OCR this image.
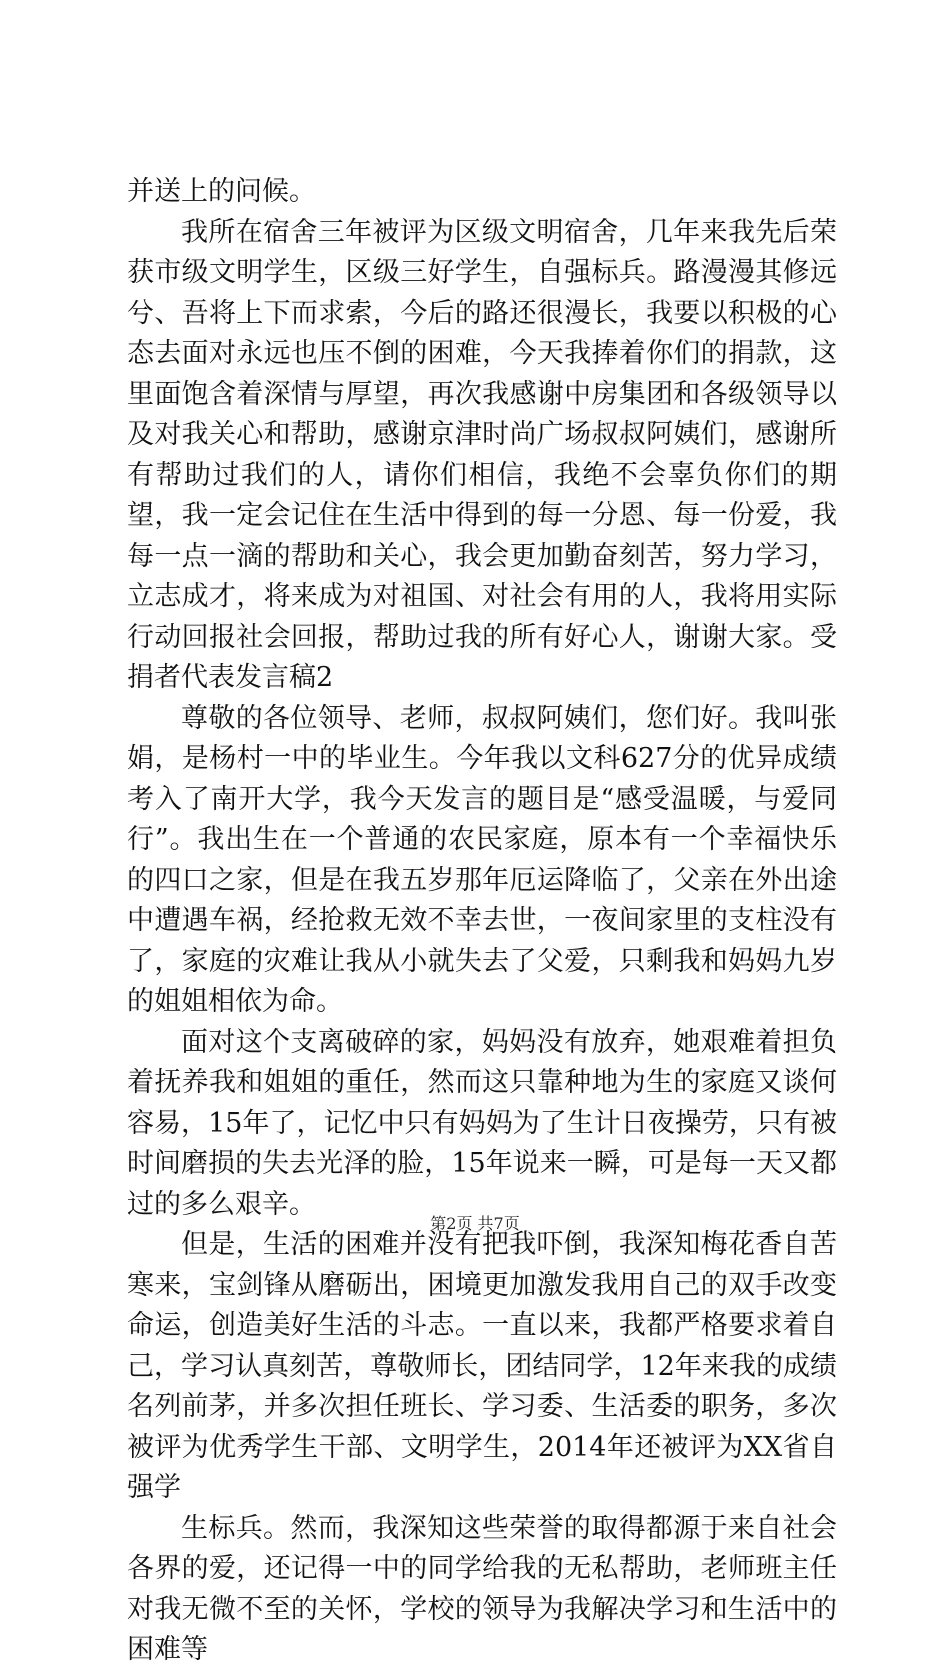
并送上的问候。

我所在宿舍三年被评为区级文明宿舍，几年来我先后荣获市级文明学生，区级三好学生，自强标兵。路漫漫其修远兮、吾将上下而求索，今后的路还很漫长，我要以积极的心态去面对永远也压不倒的困难，今天我捧着你们的捐款，这里面饱含着深情与厚望，再次我感谢中房集团和各级领导以及对我关心和帮助，感谢京津时尚广场叔叔阿姨们，感谢所有帮助过我们的人，请你们相信，我绝不会辜负你们的期望，我一定会记住在生活中得到的每一分恩、每一份爱，我每一点一滴的帮助和关心，我会更加勤奋刻苦，努力学习，立志成才，将来成为对祖国、对社会有用的人，我将用实际行动回报社会回报，帮助过我的所有好心人，谢谢大家。受捐者代表发言稿2

尊敬的各位领导、老师，叔叔阿姨们，您们好。我叫张娟，是杨村一中的毕业生。今年我以文科627分的优异成绩考入了南开大学，我今天发言的题目是“感受温暖，与爱同行”。我出生在一个普通的农民家庭，原本有一个幸福快乐的四口之家，但是在我五岁那年厄运降临了，父亲在外出途中遭遇车祸，经抢救无效不幸去世，一夜间家里的支柱没有了，家庭的灾难让我从小就失去了父爱，只剩我和妈妈九岁的姐姐相依为命。

面对这个支离破碎的家，妈妈没有放弃，她艰难着担负着抚养我和姐姐的重任，然而这只靠种地为生的家庭又谈何容易，15年了，记忆中只有妈妈为了生计日夜操劳，只有被时间磨损的失去光泽的脸，15年说来一瞬，可是每一天又都过的多么艰辛。

但是，生活的困难并没有把我吓倒，我深知梅花香自苦寒来，宝剑锋从磨砺出，困境更加激发我用自己的双手改变命运，创造美好生活的斗志。一直以来，我都严格要求着自己，学习认真刻苦，尊敬师长，团结同学，12年来我的成绩名列前茅，并多次担任班长、学习委、生活委的职务，多次被评为优秀学生干部、文明学生，2014年还被评为XX省自强学

生标兵。然而，我深知这些荣誉的取得都源于来自社会各界的爱，还记得一中的同学给我的无私帮助，老师班主任对我无微不至的关怀，学校的领导为我解决学习和生活中的困难等

第2页 共7页
